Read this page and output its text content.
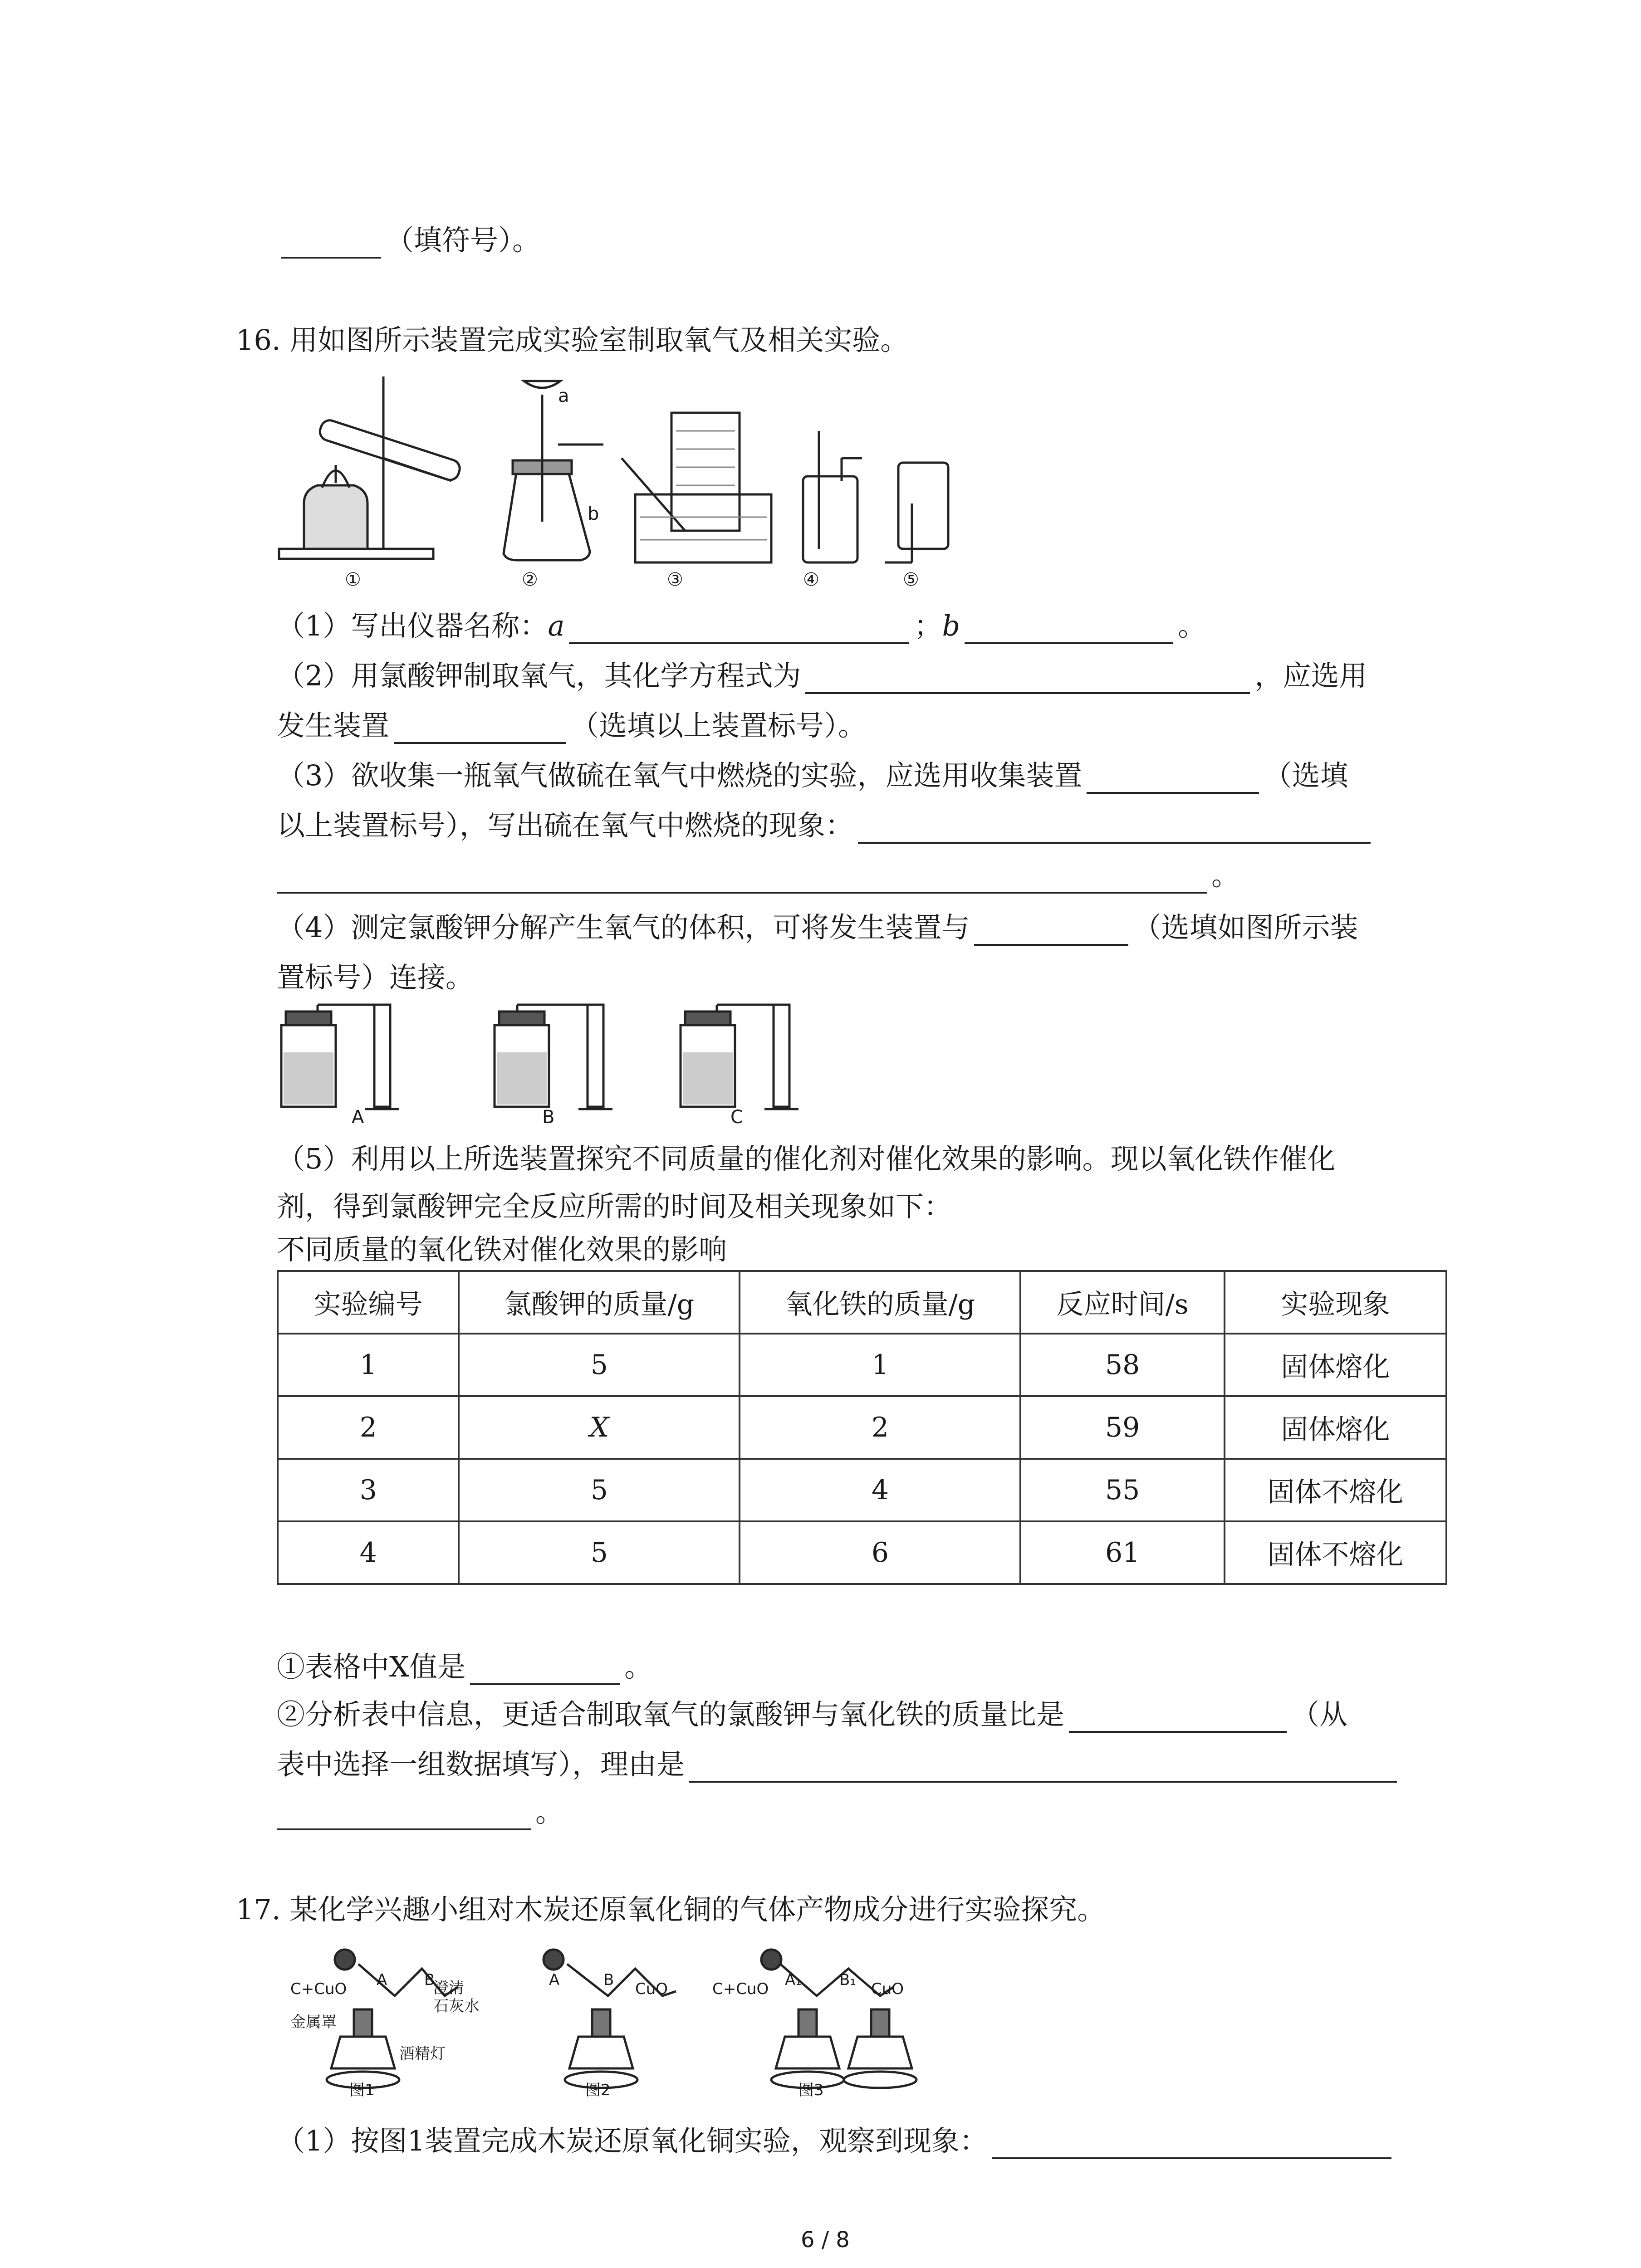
（填符号）。
16. 用如图所示装置完成实验室制取氧气及相关实验。
a
b
①	②	③	④	⑤
（1）写出仪器名称：a	；b	。
（2）用氯酸钾制取氧气，其化学方程式为	，应选用
发生装置	（选填以上装置标号）。
（3）欲收集一瓶氧气做硫在氧气中燃烧的实验，应选用收集装置	（选填
以上装置标号），写出硫在氧气中燃烧的现象：
。
（4）测定氯酸钾分解产生氧气的体积，可将发生装置与	（选填如图所示装
置标号）连接。
A	B	C
（5）利用以上所选装置探究不同质量的催化剂对催化效果的影响。现以氧化铁作催化
剂，得到氯酸钾完全反应所需的时间及相关现象如下：
不同质量的氧化铁对催化效果的影响
实验编号	氯酸钾的质量/g	氧化铁的质量/g	反应时间/s	实验现象
1	5	1	58	固体熔化
2	X	2	59	固体熔化
3	5	4	55	固体不熔化
4	5	6	61	固体不熔化
①表格中X值是	。
②分析表中信息，更适合制取氧气的氯酸钾与氧化铁的质量比是	（从
表中选择一组数据填写），理由是
。
17. 某化学兴趣小组对木炭还原氧化铜的气体产物成分进行实验探究。
C+CuO A B
澄清
石灰水
金属罩
酒精灯
图1
A	B CuO
图2
C+CuO A₁ B₁ CuO
图3
（1）按图1装置完成木炭还原氧化铜实验，观察到现象：
6 / 8
